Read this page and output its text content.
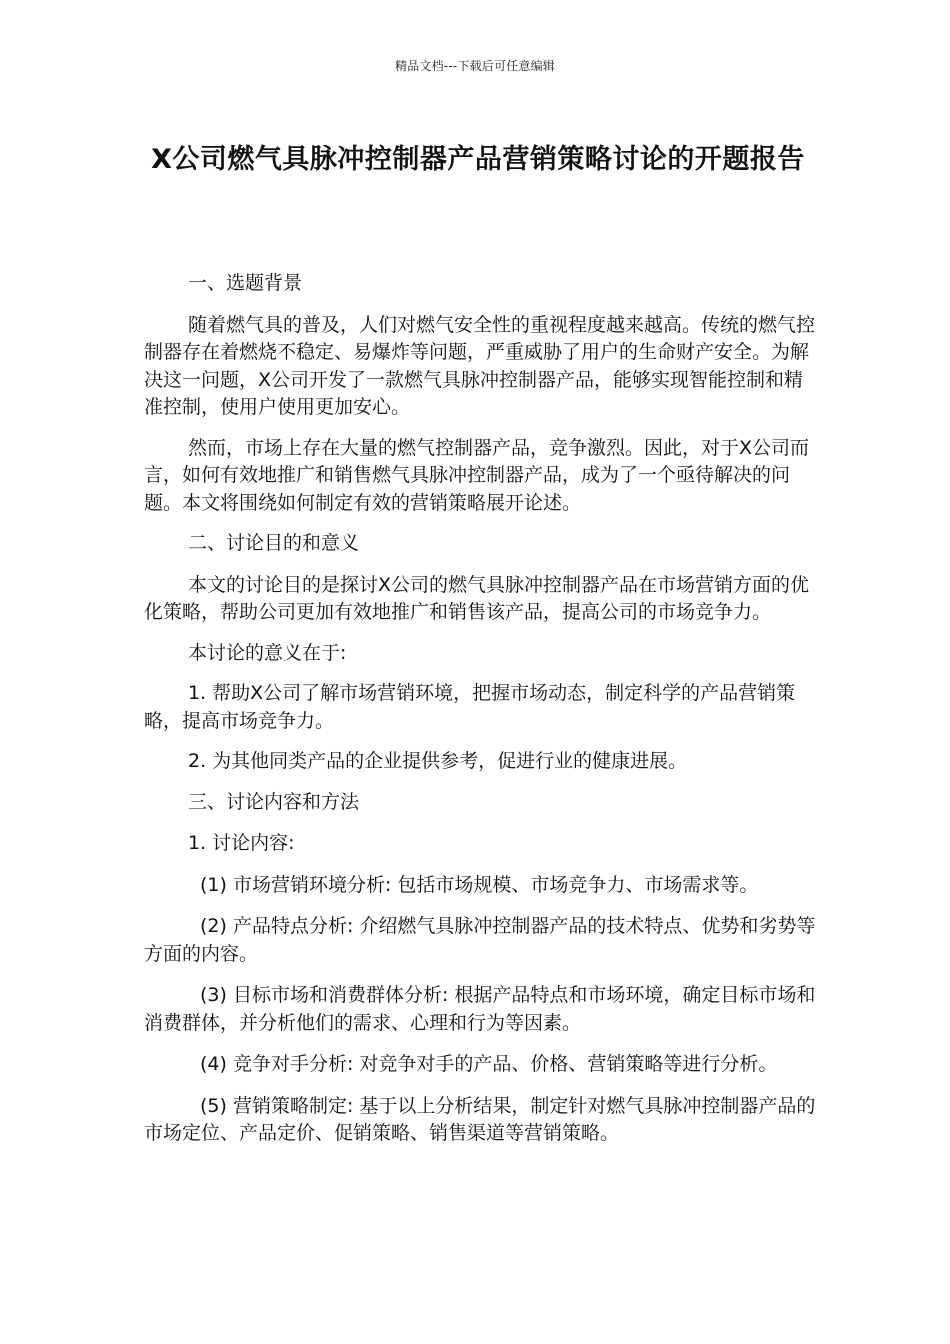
精品文档---下载后可任意编辑
X公司燃气具脉冲控制器产品营销策略讨论的开题报告

一、选题背景

随着燃气具的普及，人们对燃气安全性的重视程度越来越高。传统的燃气控制器存在着燃烧不稳定、易爆炸等问题，严重威胁了用户的生命财产安全。为解决这一问题，X公司开发了一款燃气具脉冲控制器产品，能够实现智能控制和精准控制，使用户使用更加安心。

然而，市场上存在大量的燃气控制器产品，竞争激烈。因此，对于X公司而言，如何有效地推广和销售燃气具脉冲控制器产品，成为了一个亟待解决的问题。本文将围绕如何制定有效的营销策略展开论述。

二、讨论目的和意义

本文的讨论目的是探讨X公司的燃气具脉冲控制器产品在市场营销方面的优化策略，帮助公司更加有效地推广和销售该产品，提高公司的市场竞争力。

本讨论的意义在于:

1. 帮助X公司了解市场营销环境，把握市场动态，制定科学的产品营销策略，提高市场竞争力。

2. 为其他同类产品的企业提供参考，促进行业的健康进展。

三、讨论内容和方法

1. 讨论内容:

(1) 市场营销环境分析: 包括市场规模、市场竞争力、市场需求等。

(2) 产品特点分析: 介绍燃气具脉冲控制器产品的技术特点、优势和劣势等方面的内容。

(3) 目标市场和消费群体分析: 根据产品特点和市场环境，确定目标市场和消费群体，并分析他们的需求、心理和行为等因素。

(4) 竞争对手分析: 对竞争对手的产品、价格、营销策略等进行分析。

(5) 营销策略制定: 基于以上分析结果，制定针对燃气具脉冲控制器产品的 市场定位、产品定价、促销策略、销售渠道等营销策略。
